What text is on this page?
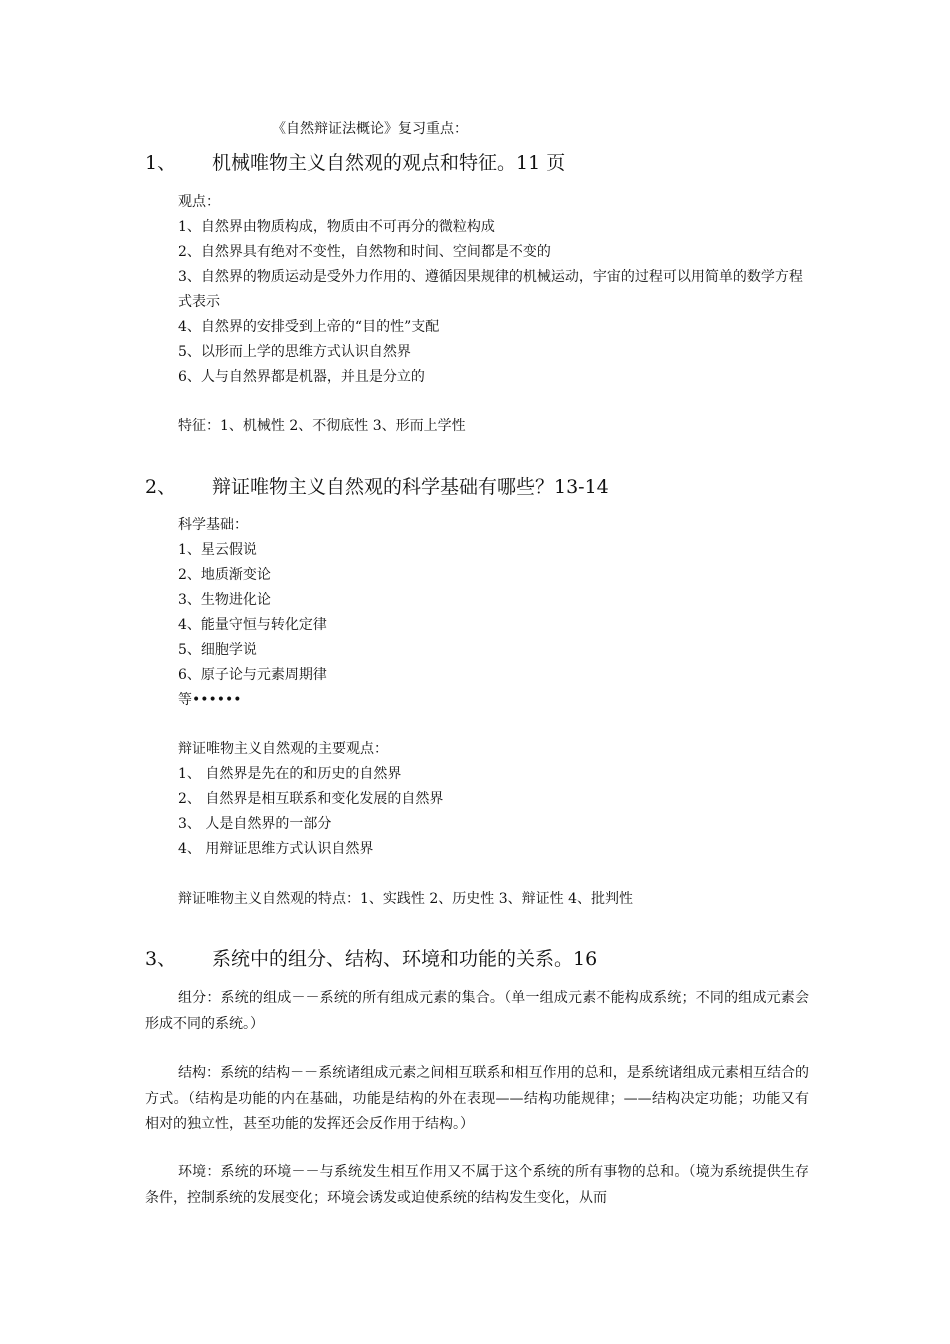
《自然辩证法概论》复习重点：
1、 机械唯物主义自然观的观点和特征。11 页
观点：
1、自然界由物质构成，物质由不可再分的微粒构成
2、自然界具有绝对不变性，自然物和时间、空间都是不变的
3、自然界的物质运动是受外力作用的、遵循因果规律的机械运动，宇宙的过程可以用简单的数学方程式表示
4、自然界的安排受到上帝的“目的性”支配
5、以形而上学的思维方式认识自然界
6、人与自然界都是机器，并且是分立的
特征：1、机械性 2、不彻底性 3、形而上学性
2、 辩证唯物主义自然观的科学基础有哪些？13-14
科学基础：
1、星云假说
2、地质渐变论
3、生物进化论
4、能量守恒与转化定律
5、细胞学说
6、原子论与元素周期律
等••••••
辩证唯物主义自然观的主要观点：
1、 自然界是先在的和历史的自然界
2、 自然界是相互联系和变化发展的自然界
3、 人是自然界的一部分
4、 用辩证思维方式认识自然界
辩证唯物主义自然观的特点：1、实践性 2、历史性 3、辩证性 4、批判性
3、 系统中的组分、结构、环境和功能的关系。16
组分：系统的组成－－系统的所有组成元素的集合。（单一组成元素不能构成系统；不同的组成元素会形成不同的系统。）
结构：系统的结构－－系统诸组成元素之间相互联系和相互作用的总和，是系统诸组成元素相互结合的方式。（结构是功能的内在基础，功能是结构的外在表现——结构功能规律；——结构决定功能；功能又有相对的独立性，甚至功能的发挥还会反作用于结构。）
环境：系统的环境－－与系统发生相互作用又不属于这个系统的所有事物的总和。（境为系统提供生存条件，控制系统的发展变化；环境会诱发或迫使系统的结构发生变化，从而
